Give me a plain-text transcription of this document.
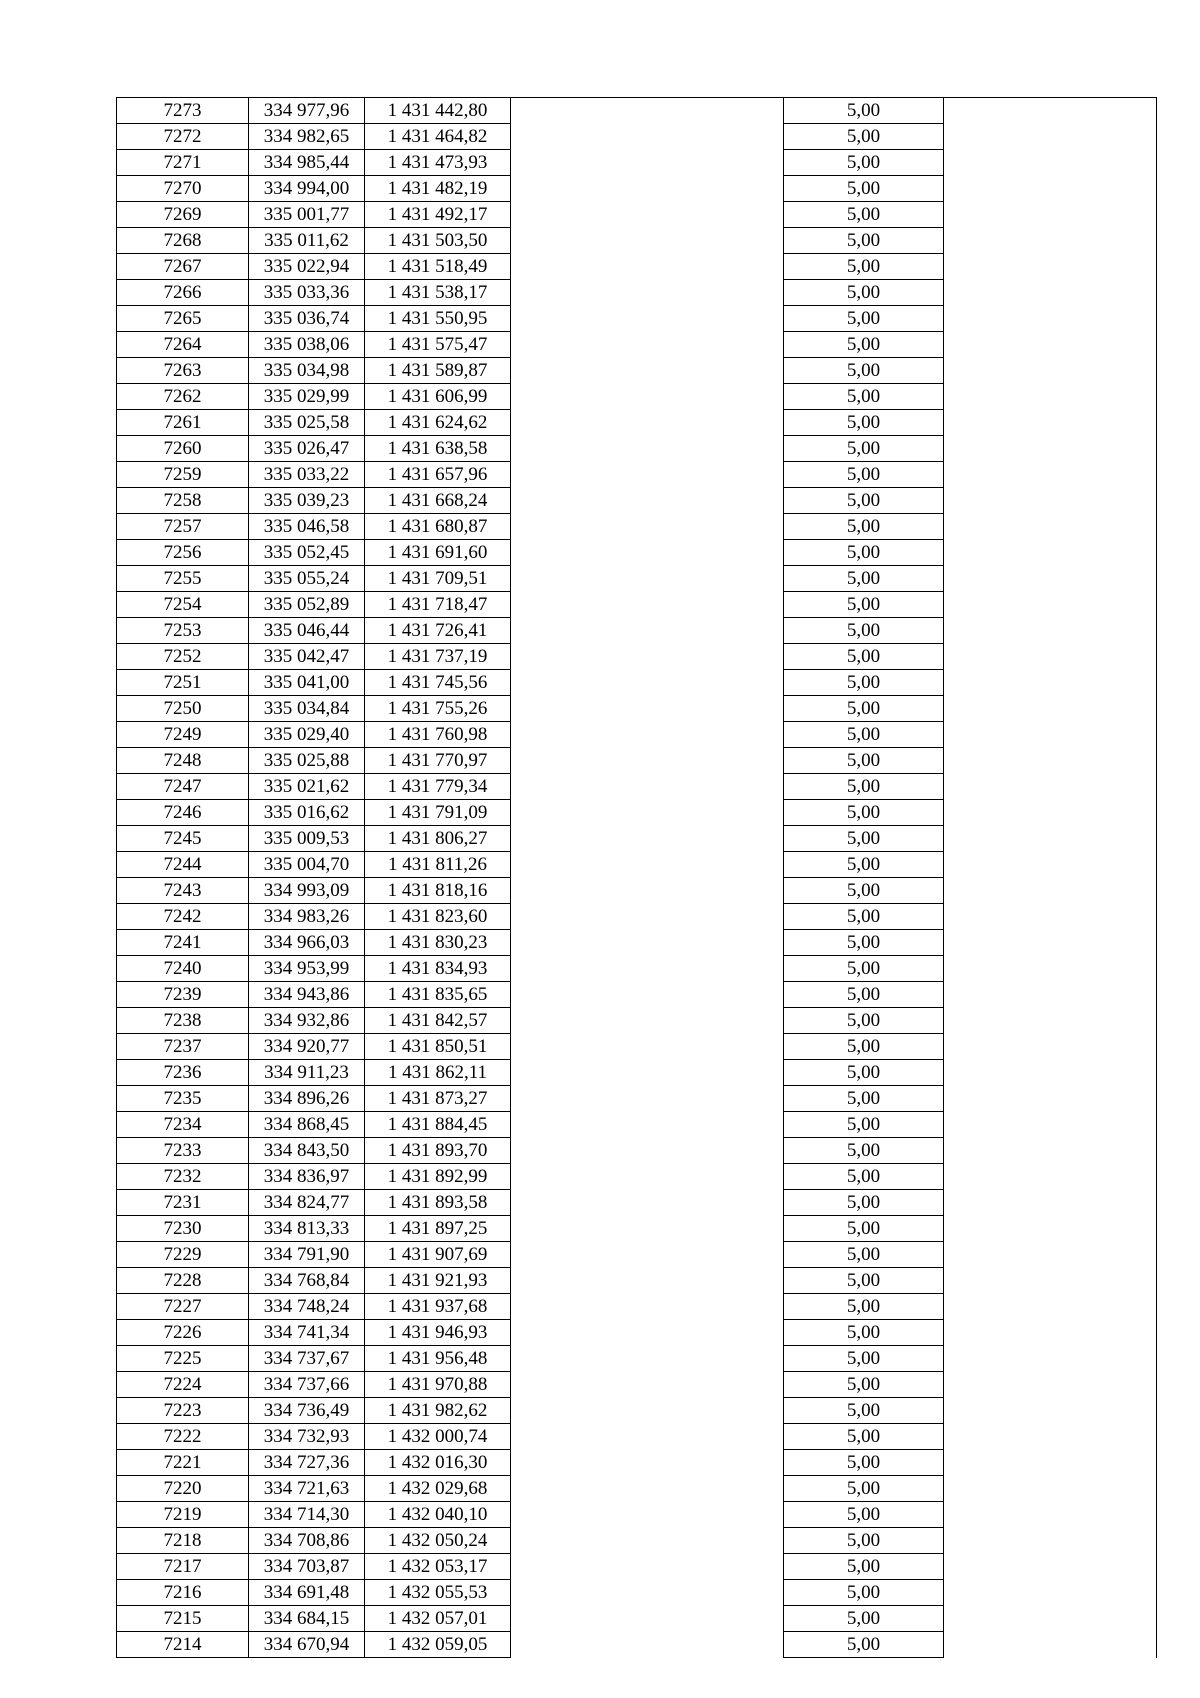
7273	334 977,96	1 431 442,80		5,00	
7272	334 982,65	1 431 464,82		5,00	
7271	334 985,44	1 431 473,93		5,00	
7270	334 994,00	1 431 482,19		5,00	
7269	335 001,77	1 431 492,17		5,00	
7268	335 011,62	1 431 503,50		5,00	
7267	335 022,94	1 431 518,49		5,00	
7266	335 033,36	1 431 538,17		5,00	
7265	335 036,74	1 431 550,95		5,00	
7264	335 038,06	1 431 575,47		5,00	
7263	335 034,98	1 431 589,87		5,00	
7262	335 029,99	1 431 606,99		5,00	
7261	335 025,58	1 431 624,62		5,00	
7260	335 026,47	1 431 638,58		5,00	
7259	335 033,22	1 431 657,96		5,00	
7258	335 039,23	1 431 668,24		5,00	
7257	335 046,58	1 431 680,87		5,00	
7256	335 052,45	1 431 691,60		5,00	
7255	335 055,24	1 431 709,51		5,00	
7254	335 052,89	1 431 718,47		5,00	
7253	335 046,44	1 431 726,41		5,00	
7252	335 042,47	1 431 737,19		5,00	
7251	335 041,00	1 431 745,56		5,00	
7250	335 034,84	1 431 755,26		5,00	
7249	335 029,40	1 431 760,98		5,00	
7248	335 025,88	1 431 770,97		5,00	
7247	335 021,62	1 431 779,34		5,00	
7246	335 016,62	1 431 791,09		5,00	
7245	335 009,53	1 431 806,27		5,00	
7244	335 004,70	1 431 811,26		5,00	
7243	334 993,09	1 431 818,16		5,00	
7242	334 983,26	1 431 823,60		5,00	
7241	334 966,03	1 431 830,23		5,00	
7240	334 953,99	1 431 834,93		5,00	
7239	334 943,86	1 431 835,65		5,00	
7238	334 932,86	1 431 842,57		5,00	
7237	334 920,77	1 431 850,51		5,00	
7236	334 911,23	1 431 862,11		5,00	
7235	334 896,26	1 431 873,27		5,00	
7234	334 868,45	1 431 884,45		5,00	
7233	334 843,50	1 431 893,70		5,00	
7232	334 836,97	1 431 892,99		5,00	
7231	334 824,77	1 431 893,58		5,00	
7230	334 813,33	1 431 897,25		5,00	
7229	334 791,90	1 431 907,69		5,00	
7228	334 768,84	1 431 921,93		5,00	
7227	334 748,24	1 431 937,68		5,00	
7226	334 741,34	1 431 946,93		5,00	
7225	334 737,67	1 431 956,48		5,00	
7224	334 737,66	1 431 970,88		5,00	
7223	334 736,49	1 431 982,62		5,00	
7222	334 732,93	1 432 000,74		5,00	
7221	334 727,36	1 432 016,30		5,00	
7220	334 721,63	1 432 029,68		5,00	
7219	334 714,30	1 432 040,10		5,00	
7218	334 708,86	1 432 050,24		5,00	
7217	334 703,87	1 432 053,17		5,00	
7216	334 691,48	1 432 055,53		5,00	
7215	334 684,15	1 432 057,01		5,00	
7214	334 670,94	1 432 059,05		5,00	
